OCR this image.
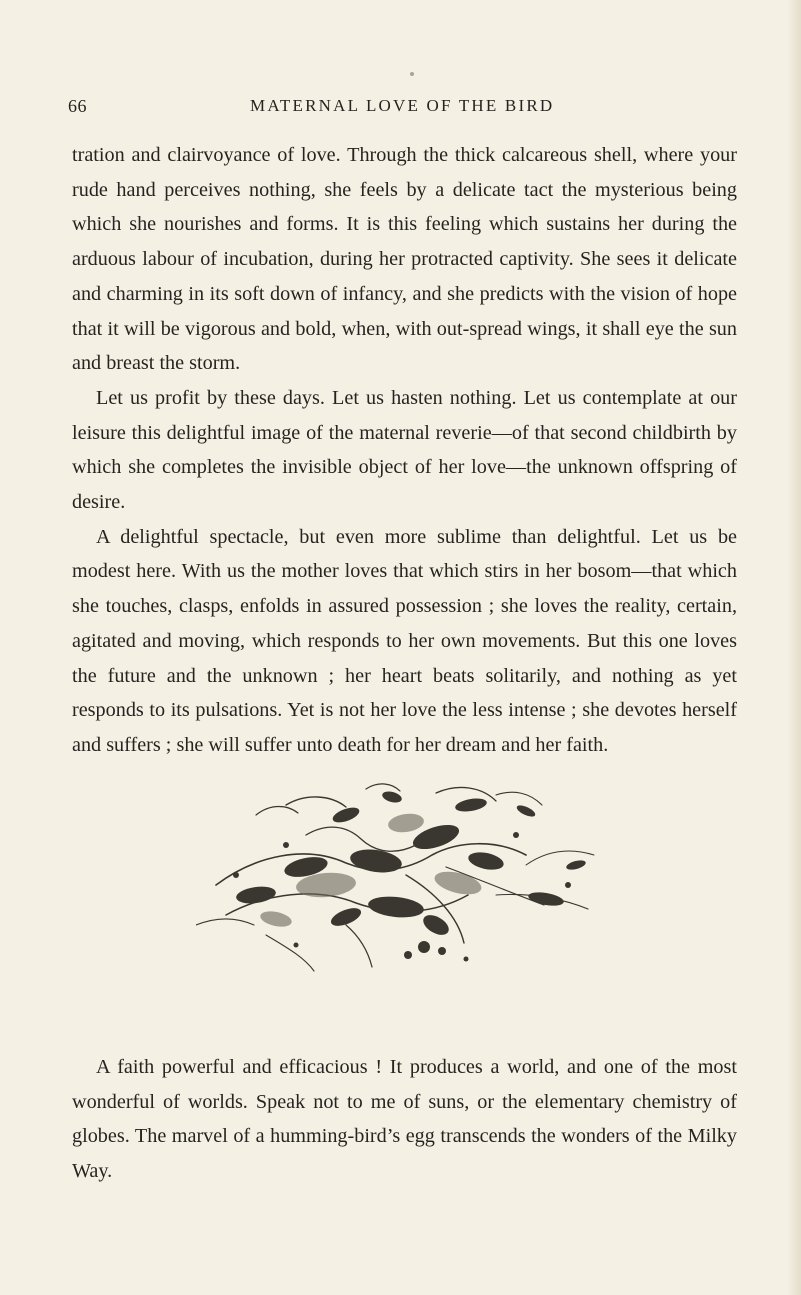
66	MATERNAL LOVE OF THE BIRD

tration and clairvoyance of love. Through the thick calcareous shell, where your rude hand perceives nothing, she feels by a delicate tact the mysterious being which she nourishes and forms. It is this feeling which sustains her during the arduous labour of incubation, during her protracted captivity. She sees it delicate and charming in its soft down of infancy, and she predicts with the vision of hope that it will be vigorous and bold, when, with out-spread wings, it shall eye the sun and breast the storm.

Let us profit by these days. Let us hasten nothing. Let us contemplate at our leisure this delightful image of the maternal reverie—of that second childbirth by which she completes the invisible object of her love—the unknown offspring of desire.

A delightful spectacle, but even more sublime than delightful. Let us be modest here. With us the mother loves that which stirs in her bosom—that which she touches, clasps, enfolds in assured possession ; she loves the reality, certain, agitated and moving, which responds to her own movements. But this one loves the future and the unknown ; her heart beats solitarily, and nothing as yet responds to its pulsations. Yet is not her love the less intense ; she devotes herself and suffers ; she will suffer unto death for her dream and her faith.

A faith powerful and efficacious ! It produces a world, and one of the most wonderful of worlds. Speak not to me of suns, or the elementary chemistry of globes. The marvel of a humming-bird’s egg transcends the wonders of the Milky Way.
